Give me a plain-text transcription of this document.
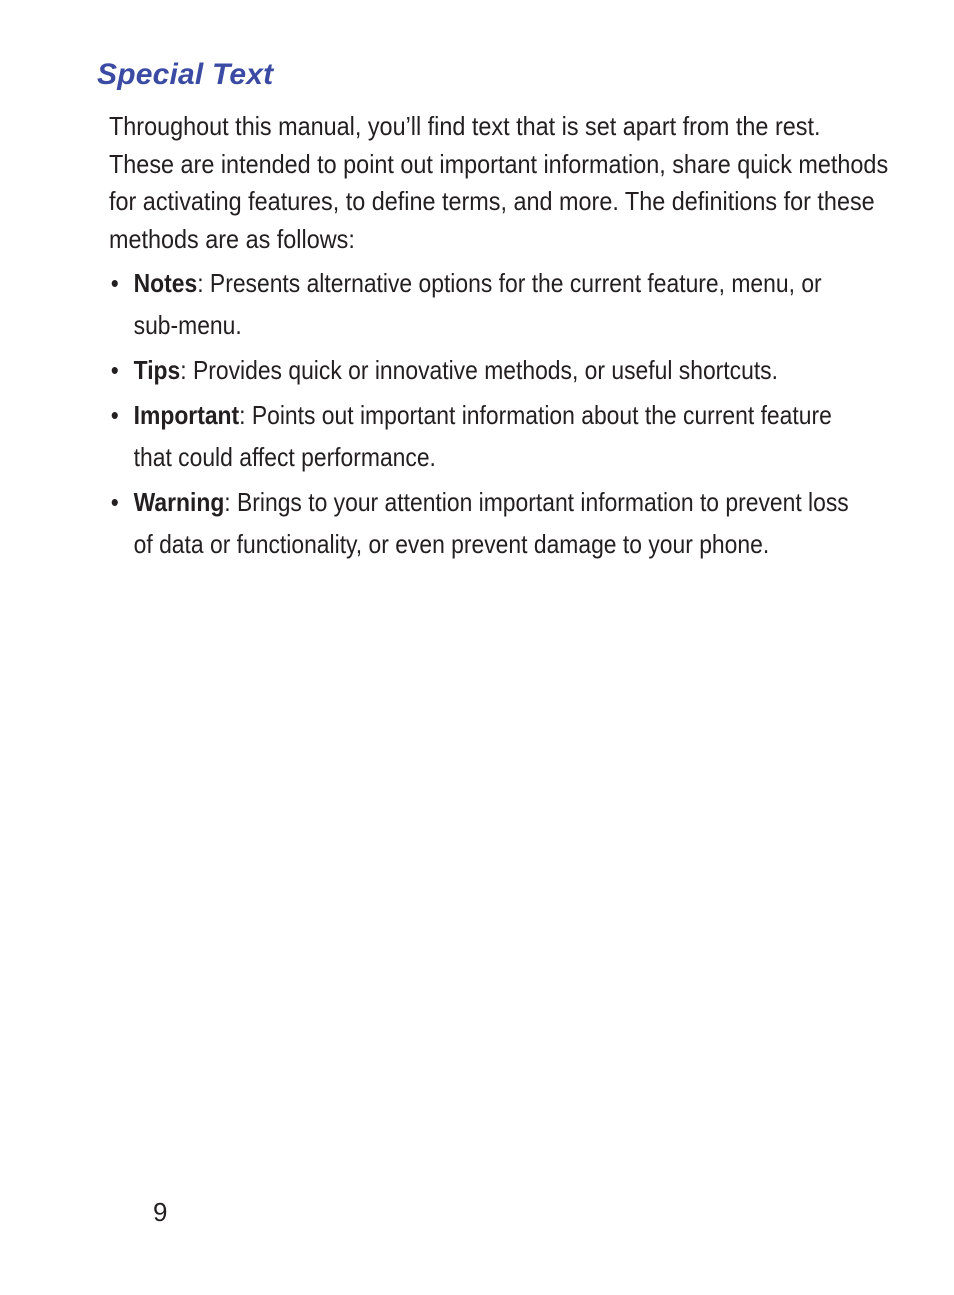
Special Text

Throughout this manual, you’ll find text that is set apart from the rest. These are intended to point out important information, share quick methods for activating features, to define terms, and more. The definitions for these methods are as follows:

• Notes: Presents alternative options for the current feature, menu, or sub-menu.
• Tips: Provides quick or innovative methods, or useful shortcuts.
• Important: Points out important information about the current feature that could affect performance.
• Warning: Brings to your attention important information to prevent loss of data or functionality, or even prevent damage to your phone.
9
